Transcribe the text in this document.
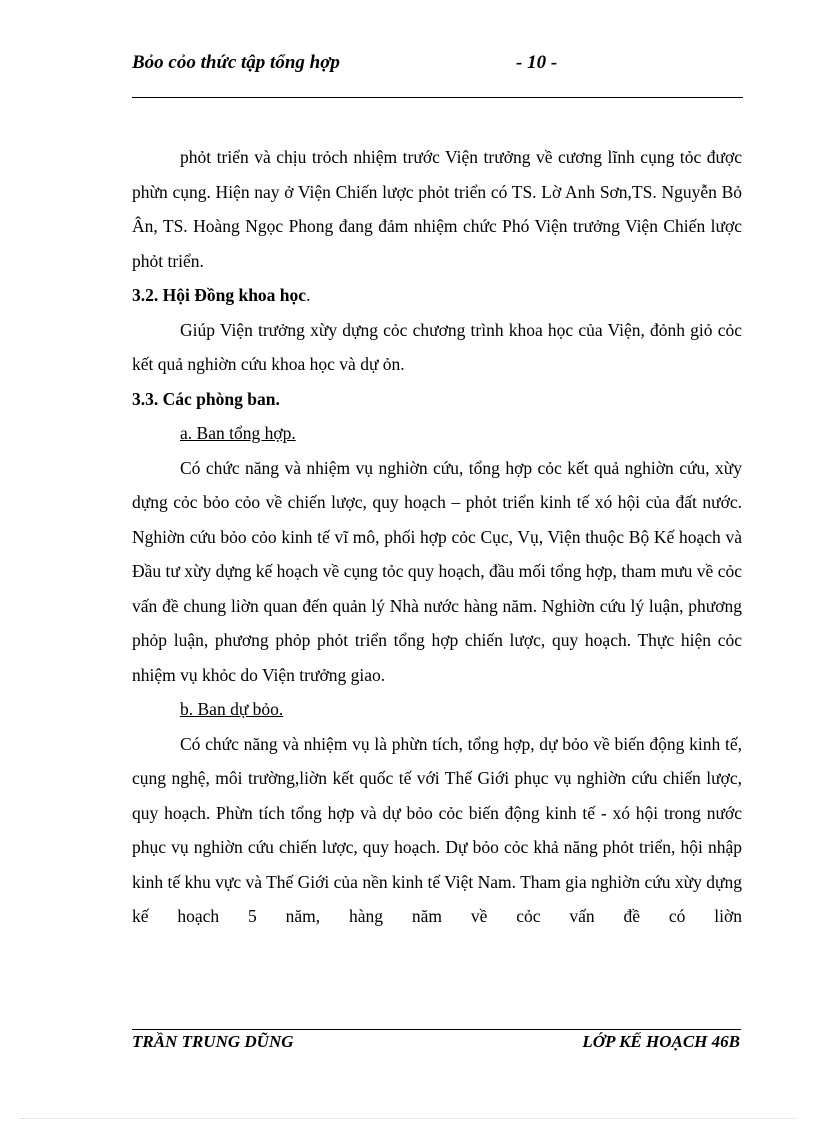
Bỏo cỏo thức tập tổng hợp	- 10 -

phỏt triển và chịu trỏch nhiệm trước Viện trưởng về cương lĩnh cụng tỏc được phừn cụng. Hiện nay ở Viện Chiến lược phỏt triển có TS. Lờ Anh Sơn,TS. Nguyễn Bỏ Ân, TS. Hoàng Ngọc Phong đang đảm nhiệm chức Phó Viện trưởng Viện Chiến lược phỏt triển.

3.2. Hội Đồng khoa học.

Giúp Viện trưởng xừy dựng cỏc chương trình khoa học của Viện, đỏnh giỏ cỏc kết quả nghiờn cứu khoa học và dự ỏn.

3.3. Các phòng ban.

a. Ban tổng hợp.

Có chức năng và nhiệm vụ nghiờn cứu, tổng hợp cỏc kết quả nghiờn cứu, xừy dựng cỏc bỏo cỏo về chiến lược, quy hoạch – phỏt triển kinh tế xó hội của đất nước. Nghiờn cứu bỏo cỏo kinh tế vĩ mô, phối hợp cỏc Cục, Vụ, Viện thuộc Bộ Kế hoạch và Đầu tư xừy dựng kế hoạch về cụng tỏc quy hoạch, đầu mối tổng hợp, tham mưu về cỏc vấn đề chung liờn quan đến quản lý Nhà nước hàng năm. Nghiờn cứu lý luận, phương phỏp luận, phương phỏp phỏt triển tổng hợp chiến lược, quy hoạch. Thực hiện cỏc nhiệm vụ khỏc do Viện trưởng giao.

b. Ban dự bỏo.

Có chức năng và nhiệm vụ là phừn tích, tổng hợp, dự bỏo về biến động kinh tế, cụng nghệ, môi trường,liờn kết quốc tế với Thế Giới phục vụ nghiờn cứu chiến lược, quy hoạch. Phừn tích tổng hợp và dự bỏo cỏc biến động kinh tế - xó hội trong nước phục vụ nghiờn cứu chiến lược, quy hoạch. Dự bỏo cỏc khả năng phỏt triển, hội nhập kinh tế khu vực và Thế Giới của nền kinh tế Việt Nam. Tham gia nghiờn cứu xừy dựng kế hoạch 5 năm, hàng năm về cỏc vấn đề có liờn

TRẦN TRUNG DŨNG	LỚP KẾ HOẠCH 46B
